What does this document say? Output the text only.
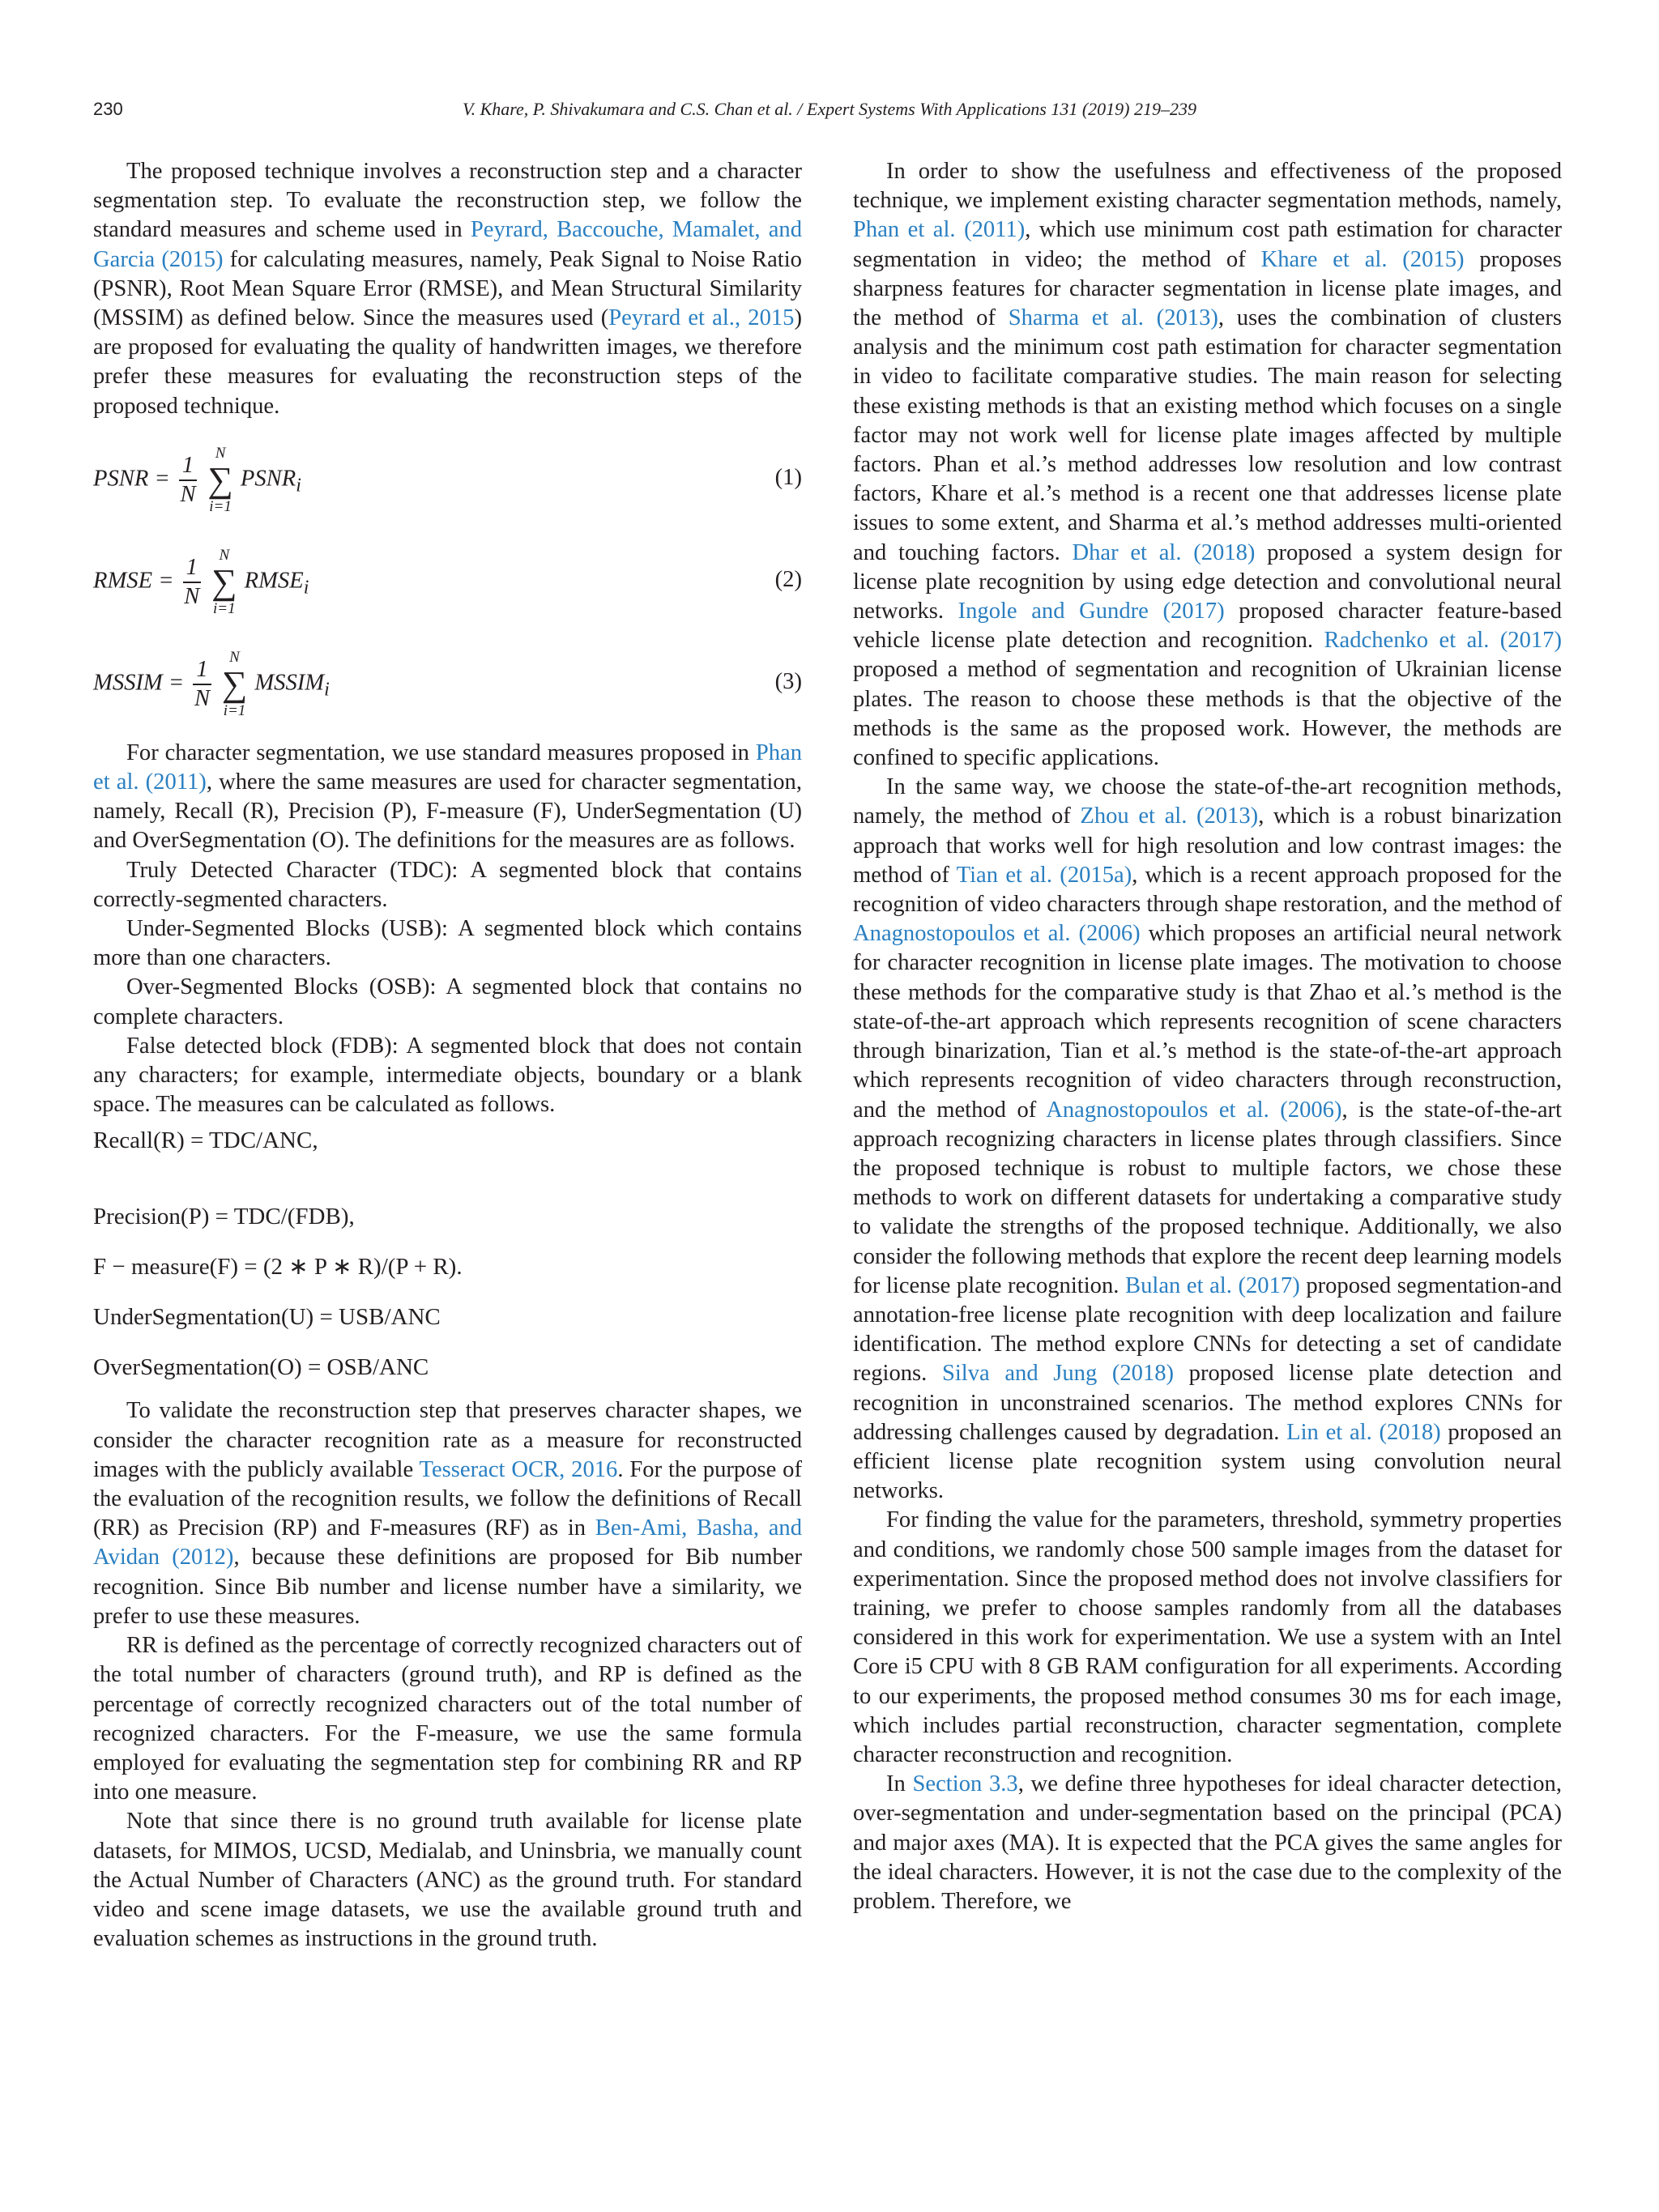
230	V. Khare, P. Shivakumara and C.S. Chan et al. / Expert Systems With Applications 131 (2019) 219–239

The proposed technique involves a reconstruction step and a character segmentation step. To evaluate the reconstruction step, we follow the standard measures and scheme used in Peyrard, Baccouche, Mamalet, and Garcia (2015) for calculating measures, namely, Peak Signal to Noise Ratio (PSNR), Root Mean Square Error (RMSE), and Mean Structural Similarity (MSSIM) as defined below. Since the measures used (Peyrard et al., 2015) are proposed for evaluating the quality of handwritten images, we therefore prefer these measures for evaluating the reconstruction steps of the proposed technique.

PSNR = $\frac{1}{N}$
	N
∑
i=1
$PSNR_i$	(1)
RMSE = $\frac{1}{N}$
	N
∑
i=1
$RMSE_i$	(2)
MSSIM = $\frac{1}{N}$
	N
∑
i=1
$MSSIM_i$	(3)

For character segmentation, we use standard measures proposed in Phan et al. (2011), where the same measures are used for character segmentation, namely, Recall (R), Precision (P), F-measure (F), UnderSegmentation (U) and OverSegmentation (O). The definitions for the measures are as follows.

Truly Detected Character (TDC): A segmented block that contains correctly-segmented characters.

Under-Segmented Blocks (USB): A segmented block which contains more than one characters.

Over-Segmented Blocks (OSB): A segmented block that contains no complete characters.

False detected block (FDB): A segmented block that does not contain any characters; for example, intermediate objects, boundary or a blank space. The measures can be calculated as follows.

Recall(R) = TDC/ANC,
Precision(P) = TDC/(FDB),
F − measure(F) = (2 ∗ P ∗ R)/(P + R).
UnderSegmentation(U) = USB/ANC
OverSegmentation(O) = OSB/ANC

To validate the reconstruction step that preserves character shapes, we consider the character recognition rate as a measure for reconstructed images with the publicly available Tesseract OCR, 2016. For the purpose of the evaluation of the recognition results, we follow the definitions of Recall (RR) as Precision (RP) and F-measures (RF) as in Ben-Ami, Basha, and Avidan (2012), because these definitions are proposed for Bib number recognition. Since Bib number and license number have a similarity, we prefer to use these measures.

RR is defined as the percentage of correctly recognized characters out of the total number of characters (ground truth), and RP is defined as the percentage of correctly recognized characters out of the total number of recognized characters. For the F-measure, we use the same formula employed for evaluating the segmentation step for combining RR and RP into one measure.

Note that since there is no ground truth available for license plate datasets, for MIMOS, UCSD, Medialab, and Uninsbria, we manually count the Actual Number of Characters (ANC) as the ground truth. For standard video and scene image datasets, we use the available ground truth and evaluation schemes as instructions in the ground truth.

In order to show the usefulness and effectiveness of the proposed technique, we implement existing character segmentation methods, namely, Phan et al. (2011), which use minimum cost path estimation for character segmentation in video; the method of Khare et al. (2015) proposes sharpness features for character segmentation in license plate images, and the method of Sharma et al. (2013), uses the combination of clusters analysis and the minimum cost path estimation for character segmentation in video to facilitate comparative studies. The main reason for selecting these existing methods is that an existing method which focuses on a single factor may not work well for license plate images affected by multiple factors. Phan et al.’s method addresses low resolution and low contrast factors, Khare et al.’s method is a recent one that addresses license plate issues to some extent, and Sharma et al.’s method addresses multi-oriented and touching factors. Dhar et al. (2018) proposed a system design for license plate recognition by using edge detection and convolutional neural networks. Ingole and Gundre (2017) proposed character feature-based vehicle license plate detection and recognition. Radchenko et al. (2017) proposed a method of segmentation and recognition of Ukrainian license plates. The reason to choose these methods is that the objective of the methods is the same as the proposed work. However, the methods are confined to specific applications.

In the same way, we choose the state-of-the-art recognition methods, namely, the method of Zhou et al. (2013), which is a robust binarization approach that works well for high resolution and low contrast images: the method of Tian et al. (2015a), which is a recent approach proposed for the recognition of video characters through shape restoration, and the method of Anagnostopoulos et al. (2006) which proposes an artificial neural network for character recognition in license plate images. The motivation to choose these methods for the comparative study is that Zhao et al.’s method is the state-of-the-art approach which represents recognition of scene characters through binarization, Tian et al.’s method is the state-of-the-art approach which represents recognition of video characters through reconstruction, and the method of Anagnostopoulos et al. (2006), is the state-of-the-art approach recognizing characters in license plates through classifiers. Since the proposed technique is robust to multiple factors, we chose these methods to work on different datasets for undertaking a comparative study to validate the strengths of the proposed technique. Additionally, we also consider the following methods that explore the recent deep learning models for license plate recognition. Bulan et al. (2017) proposed segmentation-and annotation-free license plate recognition with deep localization and failure identification. The method explore CNNs for detecting a set of candidate regions. Silva and Jung (2018) proposed license plate detection and recognition in unconstrained scenarios. The method explores CNNs for addressing challenges caused by degradation. Lin et al. (2018) proposed an efficient license plate recognition system using convolution neural networks.

For finding the value for the parameters, threshold, symmetry properties and conditions, we randomly chose 500 sample images from the dataset for experimentation. Since the proposed method does not involve classifiers for training, we prefer to choose samples randomly from all the databases considered in this work for experimentation. We use a system with an Intel Core i5 CPU with 8 GB RAM configuration for all experiments. According to our experiments, the proposed method consumes 30 ms for each image, which includes partial reconstruction, character segmentation, complete character reconstruction and recognition.

In Section 3.3, we define three hypotheses for ideal character detection, over-segmentation and under-segmentation based on the principal (PCA) and major axes (MA). It is expected that the PCA gives the same angles for the ideal characters. However, it is not the case due to the complexity of the problem. Therefore, we
